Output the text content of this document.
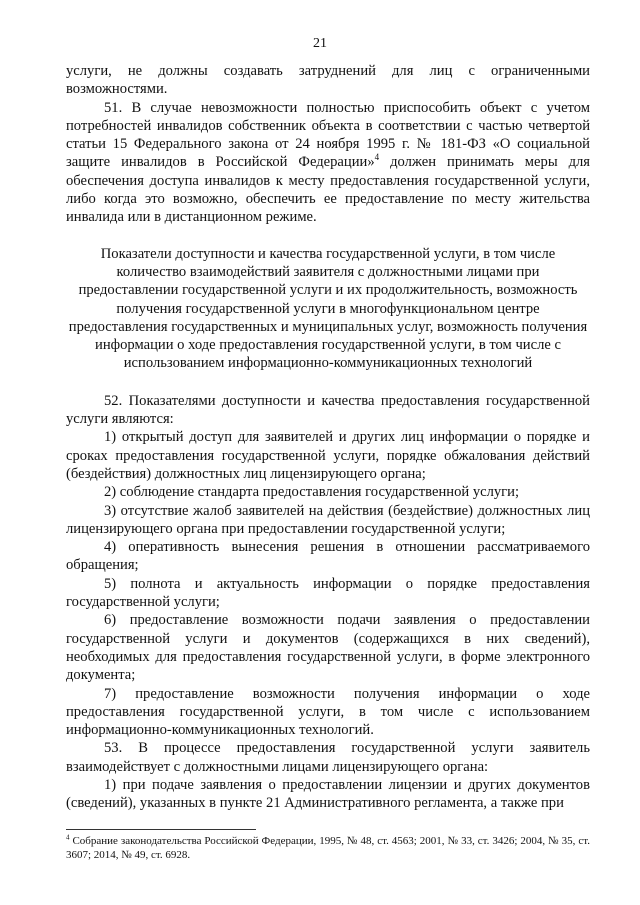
21

услуги, не должны создавать затруднений для лиц с ограниченными возможностями.

51. В случае невозможности полностью приспособить объект с учетом потребностей инвалидов собственник объекта в соответствии с частью четвертой статьи 15 Федерального закона от 24 ноября 1995 г. № 181-ФЗ «О социальной защите инвалидов в Российской Федерации»$^4$ должен принимать меры для обеспечения доступа инвалидов к месту предоставления государственной услуги, либо когда это возможно, обеспечить ее предоставление по месту жительства инвалида или в дистанционном режиме.

Показатели доступности и качества государственной услуги, в том числе количество взаимодействий заявителя с должностными лицами при предоставлении государственной услуги и их продолжительность, возможность получения государственной услуги в многофункциональном центре предоставления государственных и муниципальных услуг, возможность получения информации о ходе предоставления государственной услуги, в том числе с использованием информационно-коммуникационных технологий

52. Показателями доступности и качества предоставления государственной услуги являются:

1) открытый доступ для заявителей и других лиц информации о порядке и сроках предоставления государственной услуги, порядке обжалования действий (бездействия) должностных лиц лицензирующего органа;

2) соблюдение стандарта предоставления государственной услуги;

3) отсутствие жалоб заявителей на действия (бездействие) должностных лиц лицензирующего органа при предоставлении государственной услуги;

4) оперативность вынесения решения в отношении рассматриваемого обращения;

5) полнота и актуальность информации о порядке предоставления государственной услуги;

6) предоставление возможности подачи заявления о предоставлении государственной услуги и документов (содержащихся в них сведений), необходимых для предоставления государственной услуги, в форме электронного документа;

7) предоставление возможности получения информации о ходе предоставления государственной услуги, в том числе с использованием информационно-коммуникационных технологий.

53. В процессе предоставления государственной услуги заявитель взаимодействует с должностными лицами лицензирующего органа:

1) при подаче заявления о предоставлении лицензии и других документов (сведений), указанных в пункте 21 Административного регламента, а также при

$^4$ Собрание законодательства Российской Федерации, 1995, № 48, ст. 4563; 2001, № 33, ст. 3426; 2004, № 35, ст. 3607; 2014, № 49, ст. 6928.
